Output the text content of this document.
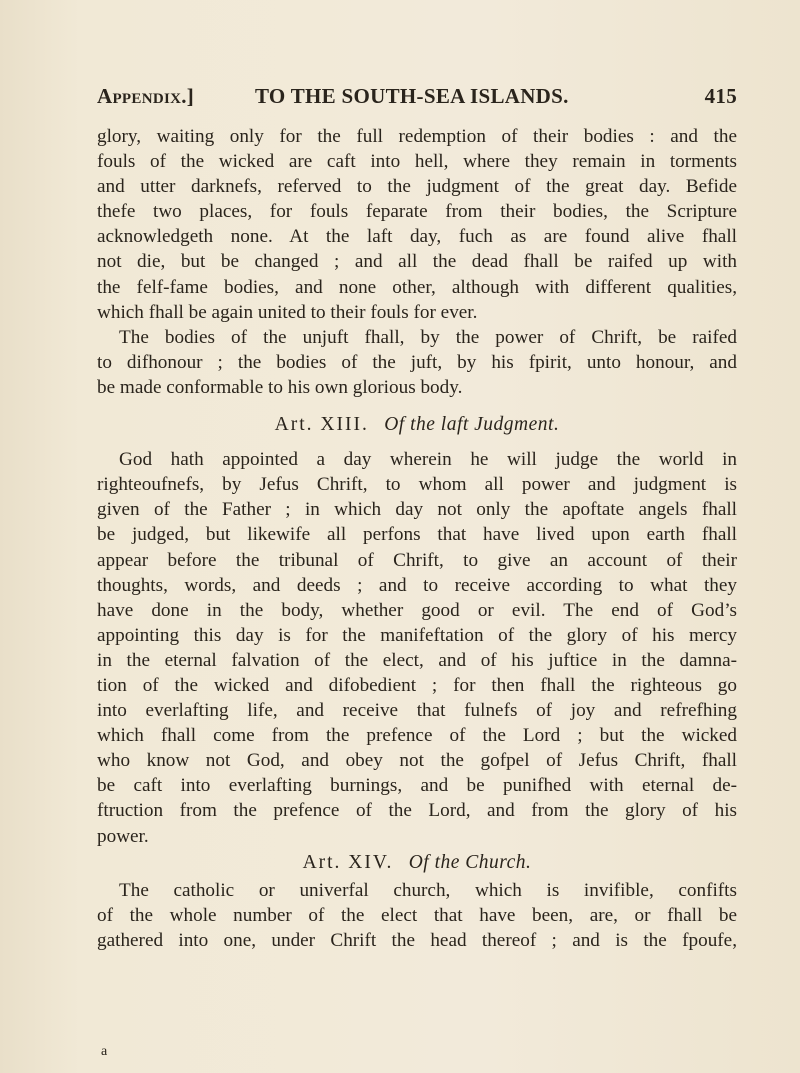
Appendix.]	TO THE SOUTH-SEA ISLANDS.	415

glory, waiting only for the full redemption of their bodies : and the

fouls of the wicked are caft into hell, where they remain in torments

and utter darknefs, referved to the judgment of the great day. Befide

thefe two places, for fouls feparate from their bodies, the Scripture

acknowledgeth none. At the laft day, fuch as are found alive fhall

not die, but be changed ; and all the dead fhall be raifed up with

the felf-fame bodies, and none other, although with different qualities,

which fhall be again united to their fouls for ever.

The bodies of the unjuft fhall, by the power of Chrift, be raifed

to difhonour ; the bodies of the juft, by his fpirit, unto honour, and

be made conformable to his own glorious body.

Art. XIII. Of the laft Judgment.

God hath appointed a day wherein he will judge the world in

righteoufnefs, by Jefus Chrift, to whom all power and judgment is

given of the Father ; in which day not only the apoftate angels fhall

be judged, but likewife all perfons that have lived upon earth fhall

appear before the tribunal of Chrift, to give an account of their

thoughts, words, and deeds ; and to receive according to what they

have done in the body, whether good or evil. The end of God’s

appointing this day is for the manifeftation of the glory of his mercy

in the eternal falvation of the elect, and of his juftice in the damna-

tion of the wicked and difobedient ; for then fhall the righteous go

into everlafting life, and receive that fulnefs of joy and refrefhing

which fhall come from the prefence of the Lord ; but the wicked

who know not God, and obey not the gofpel of Jefus Chrift, fhall

be caft into everlafting burnings, and be punifhed with eternal de-

ftruction from the prefence of the Lord, and from the glory of his

power.

Art. XIV. Of the Church.

The catholic or univerfal church, which is invifible, confifts

of the whole number of the elect that have been, are, or fhall be

gathered into one, under Chrift the head thereof ; and is the fpoufe,

a
